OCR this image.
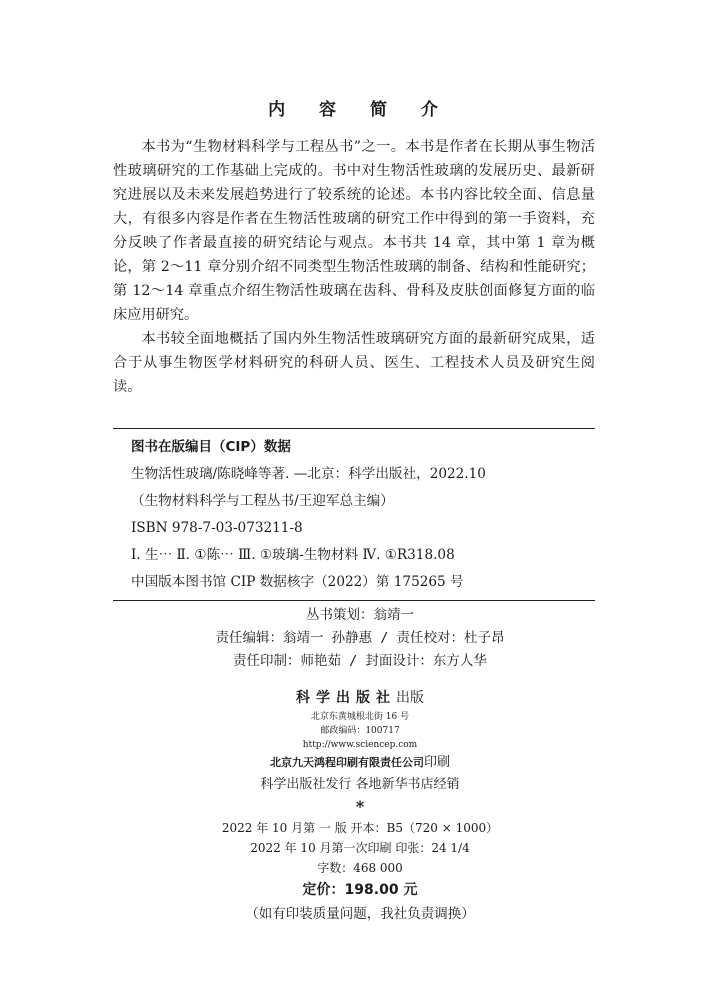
内 容 简 介

本书为“生物材料科学与工程丛书”之一。本书是作者在长期从事生物活性玻璃研究的工作基础上完成的。书中对生物活性玻璃的发展历史、最新研究进展以及未来发展趋势进行了较系统的论述。本书内容比较全面、信息量大，有很多内容是作者在生物活性玻璃的研究工作中得到的第一手资料，充分反映了作者最直接的研究结论与观点。本书共 14 章，其中第 1 章为概论，第 2～11 章分别介绍不同类型生物活性玻璃的制备、结构和性能研究；第 12～14 章重点介绍生物活性玻璃在齿科、骨科及皮肤创面修复方面的临床应用研究。

本书较全面地概括了国内外生物活性玻璃研究方面的最新研究成果，适合于从事生物医学材料研究的科研人员、医生、工程技术人员及研究生阅读。

图书在版编目（CIP）数据
生物活性玻璃/陈晓峰等著. —北京：科学出版社，2022.10
（生物材料科学与工程丛书/王迎军总主编）
ISBN 978-7-03-073211-8
Ⅰ. 生⋯ Ⅱ. ①陈⋯ Ⅲ. ①玻璃-生物材料 Ⅳ. ①R318.08
中国版本图书馆 CIP 数据核字（2022）第 175265 号
丛书策划：翁靖一
责任编辑：翁靖一 孙静惠 / 责任校对：杜子昂
责任印制：师艳茹 / 封面设计：东方人华
科学出版社出版
北京东黄城根北街 16 号
邮政编码：100717
http://www.sciencep.com
北京九天鸿程印刷有限责任公司印刷
科学出版社发行 各地新华书店经销
*
2022 年 10 月第 一 版 开本：B5（720 × 1000）
2022 年 10 月第一次印刷 印张：24 1/4
字数：468 000
定价：198.00 元
（如有印装质量问题，我社负责调换）
